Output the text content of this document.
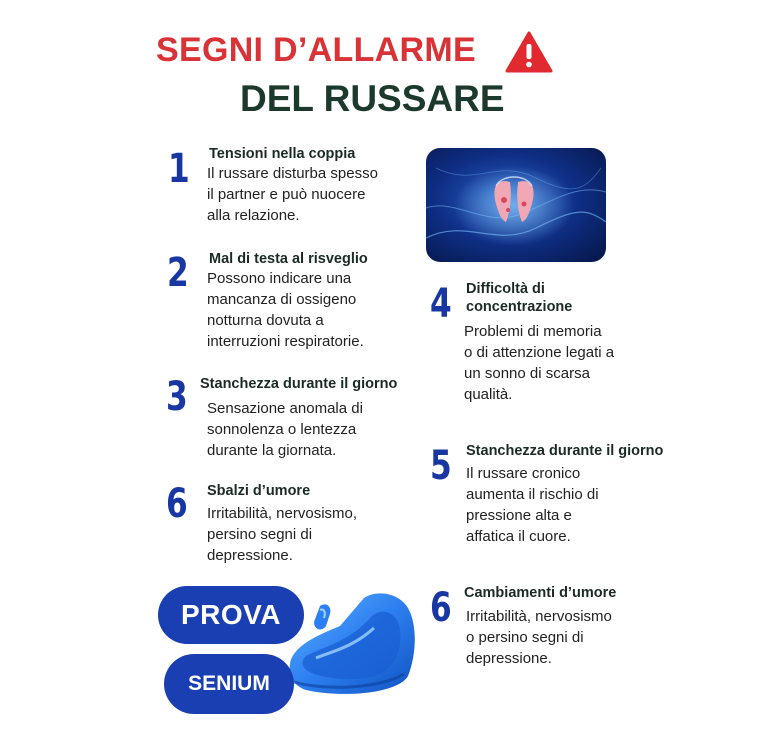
SEGNI D’ALLARME
DEL RUSSARE
1 Tensioni nella coppia
Il russare disturba spesso
il partner e può nuocere
alla relazione.
2 Mal di testa al risveglio
Possono indicare una
mancanza di ossigeno
notturna dovuta a
interruzioni respiratorie.
3 Stanchezza durante il giorno
Sensazione anomala di
sonnolenza o lentezza
durante la giornata.
6 Sbalzi d’umore
Irritabilità, nervosismo,
persino segni di
depressione.
4 Difficoltà di
concentrazione
Problemi di memoria
o di attenzione legati a
un sonno di scarsa
qualità.
5 Stanchezza durante il giorno
Il russare cronico
aumenta il rischio di
pressione alta e
affatica il cuore.
6 Cambiamenti d’umore
Irritabilità, nervosismo
o persino segni di
depressione.
PROVA
SENIUM
